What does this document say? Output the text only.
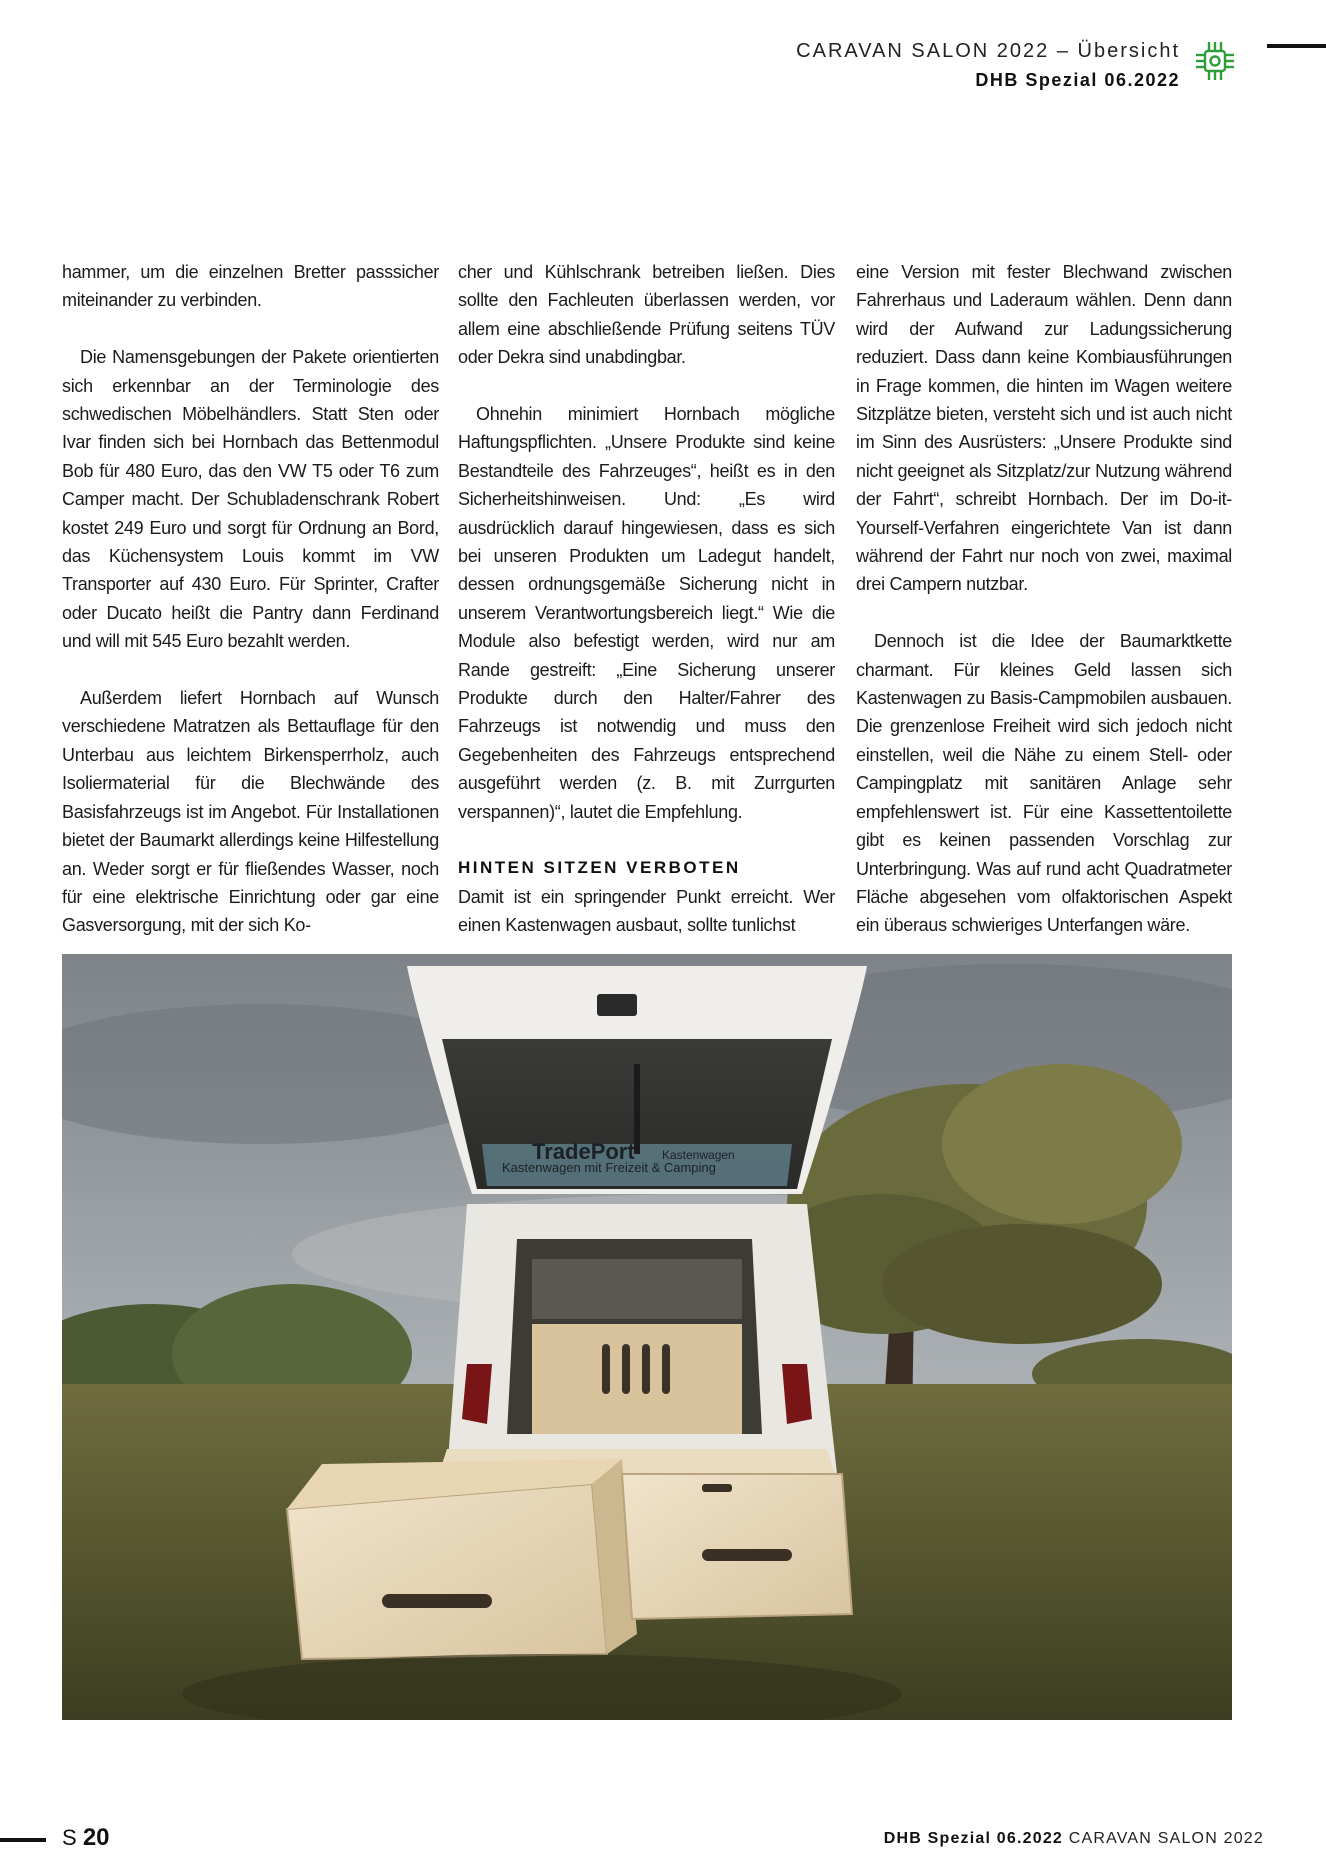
CARAVAN SALON 2022 – Übersicht
DHB Spezial 06.2022

hammer, um die einzelnen Bretter passsicher miteinander zu verbinden.

Die Namensgebungen der Pakete orientierten sich erkennbar an der Terminologie des schwedischen Möbelhändlers. Statt Sten oder Ivar finden sich bei Hornbach das Bettenmodul Bob für 480 Euro, das den VW T5 oder T6 zum Camper macht. Der Schubladenschrank Robert kostet 249 Euro und sorgt für Ordnung an Bord, das Küchensystem Louis kommt im VW Transporter auf 430 Euro. Für Sprinter, Crafter oder Ducato heißt die Pantry dann Ferdinand und will mit 545 Euro bezahlt werden.

Außerdem liefert Hornbach auf Wunsch verschiedene Matratzen als Bettauflage für den Unterbau aus leichtem Birkensperrholz, auch Isoliermaterial für die Blechwände des Basisfahrzeugs ist im Angebot. Für Installationen bietet der Baumarkt allerdings keine Hilfestellung an. Weder sorgt er für fließendes Wasser, noch für eine elektrische Einrichtung oder gar eine Gasversorgung, mit der sich Ko-

cher und Kühlschrank betreiben ließen. Dies sollte den Fachleuten überlassen werden, vor allem eine abschließende Prüfung seitens TÜV oder Dekra sind unabdingbar.

Ohnehin minimiert Hornbach mögliche Haftungspflichten. „Unsere Produkte sind keine Bestandteile des Fahrzeuges“, heißt es in den Sicherheitshinweisen. Und: „Es wird ausdrücklich darauf hingewiesen, dass es sich bei unseren Produkten um Ladegut handelt, dessen ordnungsgemäße Sicherung nicht in unserem Verantwortungsbereich liegt.“ Wie die Module also befestigt werden, wird nur am Rande gestreift: „Eine Sicherung unserer Produkte durch den Halter/Fahrer des Fahrzeugs ist notwendig und muss den Gegebenheiten des Fahrzeugs entsprechend ausgeführt werden (z. B. mit Zurrgurten verspannen)“, lautet die Empfehlung.

HINTEN SITZEN VERBOTEN

Damit ist ein springender Punkt erreicht. Wer einen Kastenwagen ausbaut, sollte tunlichst

eine Version mit fester Blechwand zwischen Fahrerhaus und Laderaum wählen. Denn dann wird der Aufwand zur Ladungssicherung reduziert. Dass dann keine Kombiausführungen in Frage kommen, die hinten im Wagen weitere Sitzplätze bieten, versteht sich und ist auch nicht im Sinn des Ausrüsters: „Unsere Produkte sind nicht geeignet als Sitzplatz/zur Nutzung während der Fahrt“, schreibt Hornbach. Der im Do-it-Yourself-Verfahren eingerichtete Van ist dann während der Fahrt nur noch von zwei, maximal drei Campern nutzbar.

Dennoch ist die Idee der Baumarktkette charmant. Für kleines Geld lassen sich Kastenwagen zu Basis-Campmobilen ausbauen. Die grenzenlose Freiheit wird sich jedoch nicht einstellen, weil die Nähe zu einem Stell- oder Campingplatz mit sanitären Anlage sehr empfehlenswert ist. Für eine Kassettentoilette gibt es keinen passenden Vorschlag zur Unterbringung. Was auf rund acht Quadratmeter Fläche abgesehen vom olfaktorischen Aspekt ein überaus schwieriges Unterfangen wäre.

Kastenwagen mit Freizeit & Camping
TradePort Kastenwagen
S 20	DHB Spezial 06.2022 CARAVAN SALON 2022
